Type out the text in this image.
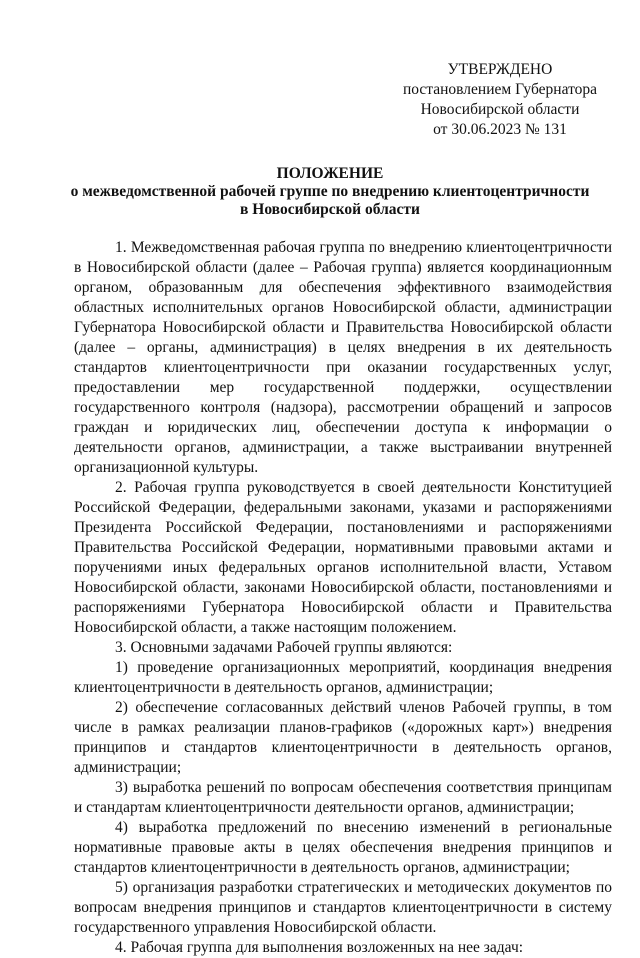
УТВЕРЖДЕНО
постановлением Губернатора
Новосибирской области
от 30.06.2023 № 131
ПОЛОЖЕНИЕ
о межведомственной рабочей группе по внедрению клиентоцентричности
в Новосибирской области

1. Межведомственная рабочая группа по внедрению клиентоцентричности в Новосибирской области (далее – Рабочая группа) является координационным органом, образованным для обеспечения эффективного взаимодействия областных исполнительных органов Новосибирской области, администрации Губернатора Новосибирской области и Правительства Новосибирской области (далее – органы, администрация) в целях внедрения в их деятельность стандартов клиентоцентричности при оказании государственных услуг, предоставлении мер государственной поддержки, осуществлении государственного контроля (надзора), рассмотрении обращений и запросов граждан и юридических лиц, обеспечении доступа к информации о деятельности органов, администрации, а также выстраивании внутренней организационной культуры.

2. Рабочая группа руководствуется в своей деятельности Конституцией Российской Федерации, федеральными законами, указами и распоряжениями Президента Российской Федерации, постановлениями и распоряжениями Правительства Российской Федерации, нормативными правовыми актами и поручениями иных федеральных органов исполнительной власти, Уставом Новосибирской области, законами Новосибирской области, постановлениями и распоряжениями Губернатора Новосибирской области и Правительства Новосибирской области, а также настоящим положением.

3. Основными задачами Рабочей группы являются:

1) проведение организационных мероприятий, координация внедрения клиентоцентричности в деятельность органов, администрации;

2) обеспечение согласованных действий членов Рабочей группы, в том числе в рамках реализации планов-графиков («дорожных карт») внедрения принципов и стандартов клиентоцентричности в деятельность органов, администрации;

3) выработка решений по вопросам обеспечения соответствия принципам и стандартам клиентоцентричности деятельности органов, администрации;

4) выработка предложений по внесению изменений в региональные нормативные правовые акты в целях обеспечения внедрения принципов и стандартов клиентоцентричности в деятельность органов, администрации;

5) организация разработки стратегических и методических документов по вопросам внедрения принципов и стандартов клиентоцентричности в систему государственного управления Новосибирской области.

4. Рабочая группа для выполнения возложенных на нее задач:
